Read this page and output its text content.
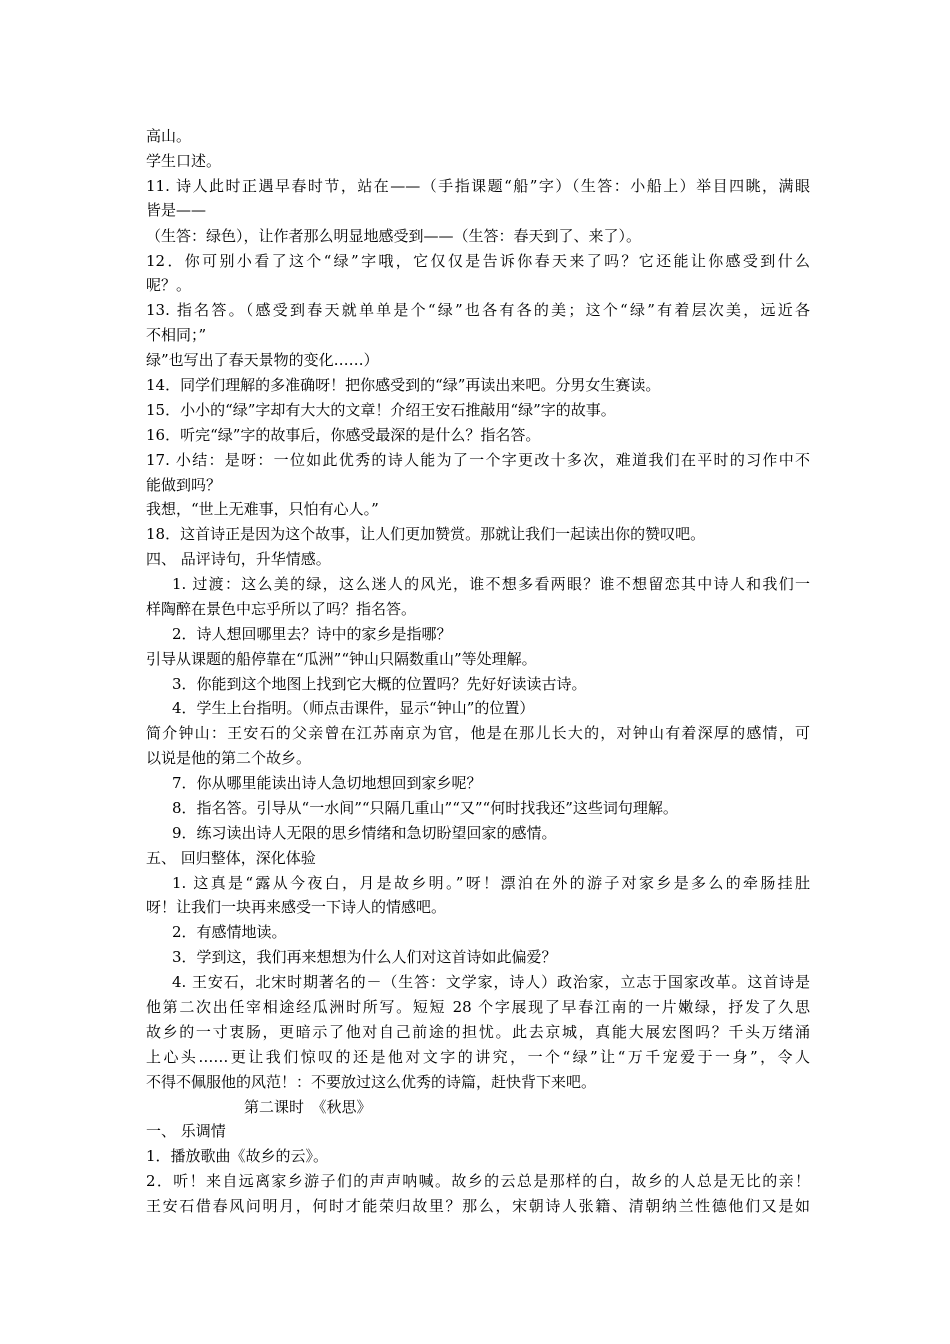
高山。
学生口述。
11. 诗人此时正遇早春时节，站在——（手指课题“船”字）（生答：小船上）举目四眺，满眼
皆是——
（生答：绿色），让作者那么明显地感受到——（生答：春天到了、来了）。
12．你可别小看了这个“绿”字哦，它仅仅是告诉你春天来了吗？它还能让你感受到什么
呢？。
13. 指名答。（感受到春天就单单是个“绿”也各有各的美；这个“绿”有着层次美，远近各
不相同；”
绿”也写出了春天景物的变化……）
14．同学们理解的多准确呀！把你感受到的“绿”再读出来吧。分男女生赛读。
15．小小的“绿”字却有大大的文章！介绍王安石推敲用“绿”字的故事。
16．听完“绿”字的故事后，你感受最深的是什么？指名答。
17. 小结：是呀：一位如此优秀的诗人能为了一个字更改十多次，难道我们在平时的习作中不
能做到吗？
我想，“世上无难事，只怕有心人。”
18．这首诗正是因为这个故事，让人们更加赞赏。那就让我们一起读出你的赞叹吧。
四、 品评诗句，升华情感。
1. 过渡：这么美的绿，这么迷人的风光，谁不想多看两眼？谁不想留恋其中诗人和我们一
样陶醉在景色中忘乎所以了吗？指名答。
2．诗人想回哪里去？诗中的家乡是指哪？
引导从课题的船停靠在“瓜洲”“钟山只隔数重山”等处理解。
3．你能到这个地图上找到它大概的位置吗？先好好读读古诗。
4．学生上台指明。（师点击课件，显示“钟山”的位置）
简介钟山：王安石的父亲曾在江苏南京为官，他是在那儿长大的，对钟山有着深厚的感情，可
以说是他的第二个故乡。
7．你从哪里能读出诗人急切地想回到家乡呢？
8．指名答。引导从“一水间”“只隔几重山”“又”“何时找我还”这些词句理解。
9．练习读出诗人无限的思乡情绪和急切盼望回家的感情。
五、 回归整体，深化体验
1. 这真是“露从今夜白，月是故乡明。”呀！漂泊在外的游子对家乡是多么的牵肠挂肚
呀！让我们一块再来感受一下诗人的情感吧。
2．有感情地读。
3．学到这，我们再来想想为什么人们对这首诗如此偏爱？
4. 王安石，北宋时期著名的－（生答：文学家，诗人）政治家，立志于国家改革。这首诗是
他第二次出任宰相途经瓜洲时所写。短短 28 个字展现了早春江南的一片嫩绿，抒发了久思
故乡的一寸衷肠，更暗示了他对自己前途的担忧。此去京城，真能大展宏图吗？千头万绪涌
上心头……更让我们惊叹的还是他对文字的讲究，一个“绿”让“万千宠爱于一身”，令人
不得不佩服他的风范！：不要放过这么优秀的诗篇，赶快背下来吧。
第二课时　《秋思》
一、 乐调情
1．播放歌曲《故乡的云》。
2．听！来自远离家乡游子们的声声呐喊。故乡的云总是那样的白，故乡的人总是无比的亲！
王安石借春风问明月，何时才能荣归故里？那么，宋朝诗人张籍、清朝纳兰性德他们又是如
